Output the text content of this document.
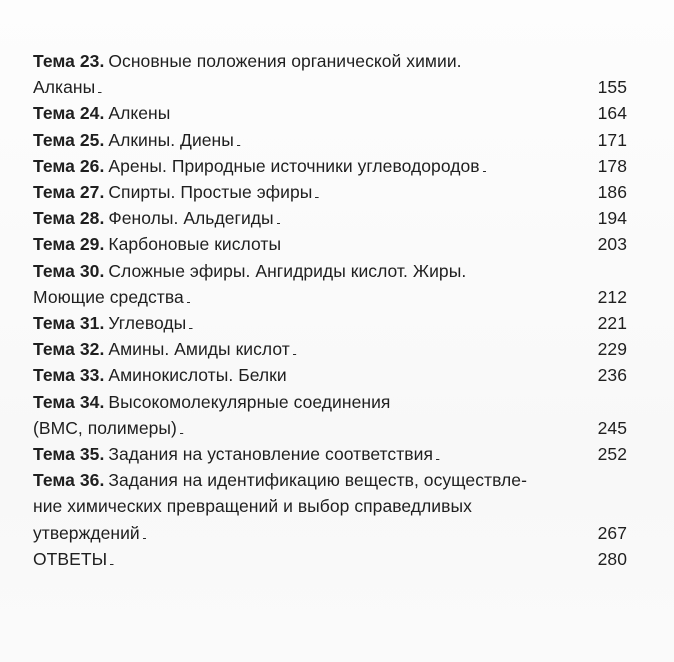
Тема 23. Основные положения органической химии.
Алканы . . .	155
Тема 24. Алкены . . .	164
Тема 25. Алкины. Диены . . .	171
Тема 26. Арены. Природные источники углеводородов . . .	178
Тема 27. Спирты. Простые эфиры . . .	186
Тема 28. Фенолы. Альдегиды . . .	194
Тема 29. Карбоновые кислоты . . .	203
Тема 30. Сложные эфиры. Ангидриды кислот. Жиры.
Моющие средства . . .	212
Тема 31. Углеводы . . .	221
Тема 32. Амины. Амиды кислот . . .	229
Тема 33. Аминокислоты. Белки . . .	236
Тема 34. Высокомолекулярные соединения
(ВМС, полимеры) . . .	245
Тема 35. Задания на установление соответствия . . .	252
Тема 36. Задания на идентификацию веществ, осуществле-
ние химических превращений и выбор справедливых
утверждений . . .	267
ОТВЕТЫ . . .	280
